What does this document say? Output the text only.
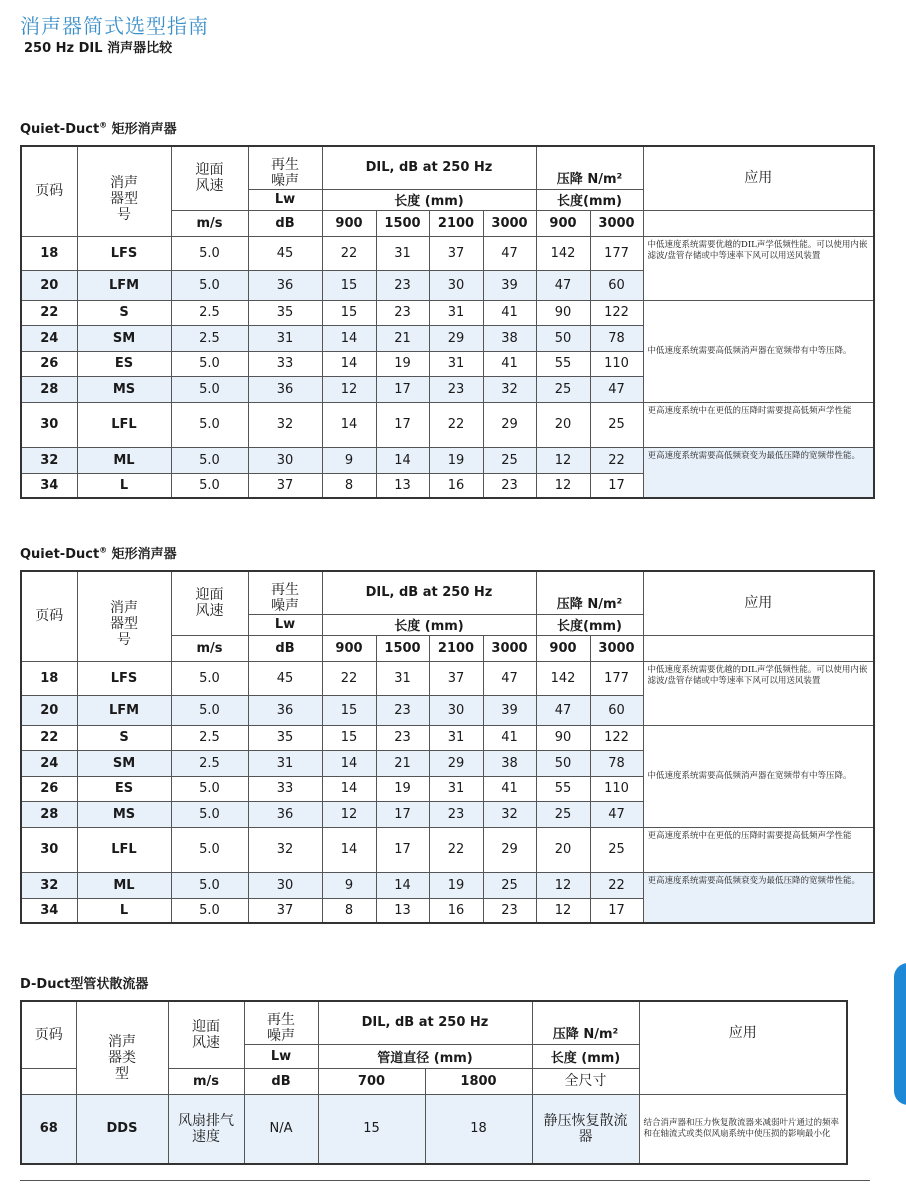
消声器简式选型指南
250 Hz DIL 消声器比较
Quiet-Duct® 矩形消声器
页码	消声器型号	迎面风速	再生噪声	DIL, dB at 250 Hz				压降 N/m²		应用
			Lw	长度 (mm)				长度(mm)		
		m/s	dB	900	1500	2100	3000	900	3000	
18	LFS	5.0	45	22	31	37	47	142	177	中低速度系统需要优越的DIL声学低频性能。可以使用内嵌滤波/盘管存储或中等速率下风可以用送风装置
20	LFM	5.0	36	15	23	30	39	47	60	
22	S	2.5	35	15	23	31	41	90	122	中低速度系统需要高低频消声器在宽频带有中等压降。
24	SM	2.5	31	14	21	29	38	50	78	
26	ES	5.0	33	14	19	31	41	55	110	
28	MS	5.0	36	12	17	23	32	25	47	
30	LFL	5.0	32	14	17	22	29	20	25	更高速度系统中在更低的压降时需要提高低频声学性能
32	ML	5.0	30	9	14	19	25	12	22	更高速度系统需要高低频衰变为最低压降的宽频带性能。
34	L	5.0	37	8	13	16	23	12	17	
Quiet-Duct® 矩形消声器
页码	消声器型号	迎面风速	再生噪声	DIL, dB at 250 Hz				压降 N/m²		应用
			Lw	长度 (mm)				长度(mm)		
		m/s	dB	900	1500	2100	3000	900	3000	
18	LFS	5.0	45	22	31	37	47	142	177	中低速度系统需要优越的DIL声学低频性能。可以使用内嵌滤波/盘管存储或中等速率下风可以用送风装置
20	LFM	5.0	36	15	23	30	39	47	60	
22	S	2.5	35	15	23	31	41	90	122	中低速度系统需要高低频消声器在宽频带有中等压降。
24	SM	2.5	31	14	21	29	38	50	78	
26	ES	5.0	33	14	19	31	41	55	110	
28	MS	5.0	36	12	17	23	32	25	47	
30	LFL	5.0	32	14	17	22	29	20	25	更高速度系统中在更低的压降时需要提高低频声学性能
32	ML	5.0	30	9	14	19	25	12	22	更高速度系统需要高低频衰变为最低压降的宽频带性能。
34	L	5.0	37	8	13	16	23	12	17	
D-Duct型管状散流器
页码	消声器类型	迎面风速	再生噪声	DIL, dB at 250 Hz		压降 N/m²	应用
			Lw	管道直径 (mm)		长度 (mm)	
		m/s	dB	700	1800	全尺寸	
68	DDS	风扇排气速度	N/A	15	18	静压恢复散流器	结合消声器和压力恢复散流器来减弱叶片通过的频率和在轴流式或类似风扇系统中使压损的影响最小化
